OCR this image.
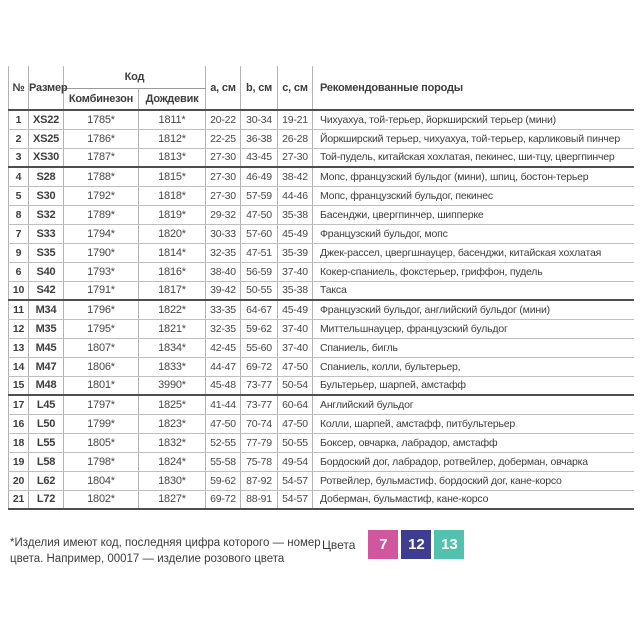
№	Размер	Код		а, см	b, см	с, см	Рекомендованные породы
		Комбинезон	Дождевик				
1	XS22	1785*	1811*	20-22	30-34	19-21	Чихуахуа, той-терьер, йоркширский терьер (мини)
2	XS25	1786*	1812*	22-25	36-38	26-28	Йоркширский терьер, чихуахуа, той-терьер, карликовый пинчер
3	XS30	1787*	1813*	27-30	43-45	27-30	Той-пудель, китайская хохлатая, пекинес, ши-тцу, цвергпинчер
4	S28	1788*	1815*	27-30	46-49	38-42	Мопс, французский бульдог (мини), шпиц, бостон-терьер
5	S30	1792*	1818*	27-30	57-59	44-46	Мопс, французский бульдог, пекинес
8	S32	1789*	1819*	29-32	47-50	35-38	Басенджи, цвергпинчер, шипперке
7	S33	1794*	1820*	30-33	57-60	45-49	Французский бульдог, мопс
9	S35	1790*	1814*	32-35	47-51	35-39	Джек-рассел, цвергшнауцер, басенджи, китайская хохлатая
6	S40	1793*	1816*	38-40	56-59	37-40	Кокер-спаниель, фокстерьер, гриффон, пудель
10	S42	1791*	1817*	39-42	50-55	35-38	Такса
11	M34	1796*	1822*	33-35	64-67	45-49	Французский бульдог, английский бульдог (мини)
12	M35	1795*	1821*	32-35	59-62	37-40	Миттельшнауцер, французский бульдог
13	M45	1807*	1834*	42-45	55-60	37-40	Спаниель, бигль
14	M47	1806*	1833*	44-47	69-72	47-50	Спаниель, колли, бультерьер,
15	M48	1801*	3990*	45-48	73-77	50-54	Бультерьер, шарпей, амстафф
17	L45	1797*	1825*	41-44	73-77	60-64	Английский бульдог
16	L50	1799*	1823*	47-50	70-74	47-50	Колли, шарпей, амстафф, питбультерьер
18	L55	1805*	1832*	52-55	77-79	50-55	Боксер, овчарка, лабрадор, амстафф
19	L58	1798*	1824*	55-58	75-78	49-54	Бордоский дог, лабрадор, ротвейлер, доберман, овчарка
20	L62	1804*	1830*	59-62	87-92	54-57	Ротвейлер, бульмастиф, бордоский дог, кане-корсо
21	L72	1802*	1827*	69-72	88-91	54-57	Доберман, бульмастиф, кане-корсо
*Изделия имеют код, последняя цифра которого — номер
цвета. Например, 00017 — изделие розового цвета
Цвета	7	12	13
